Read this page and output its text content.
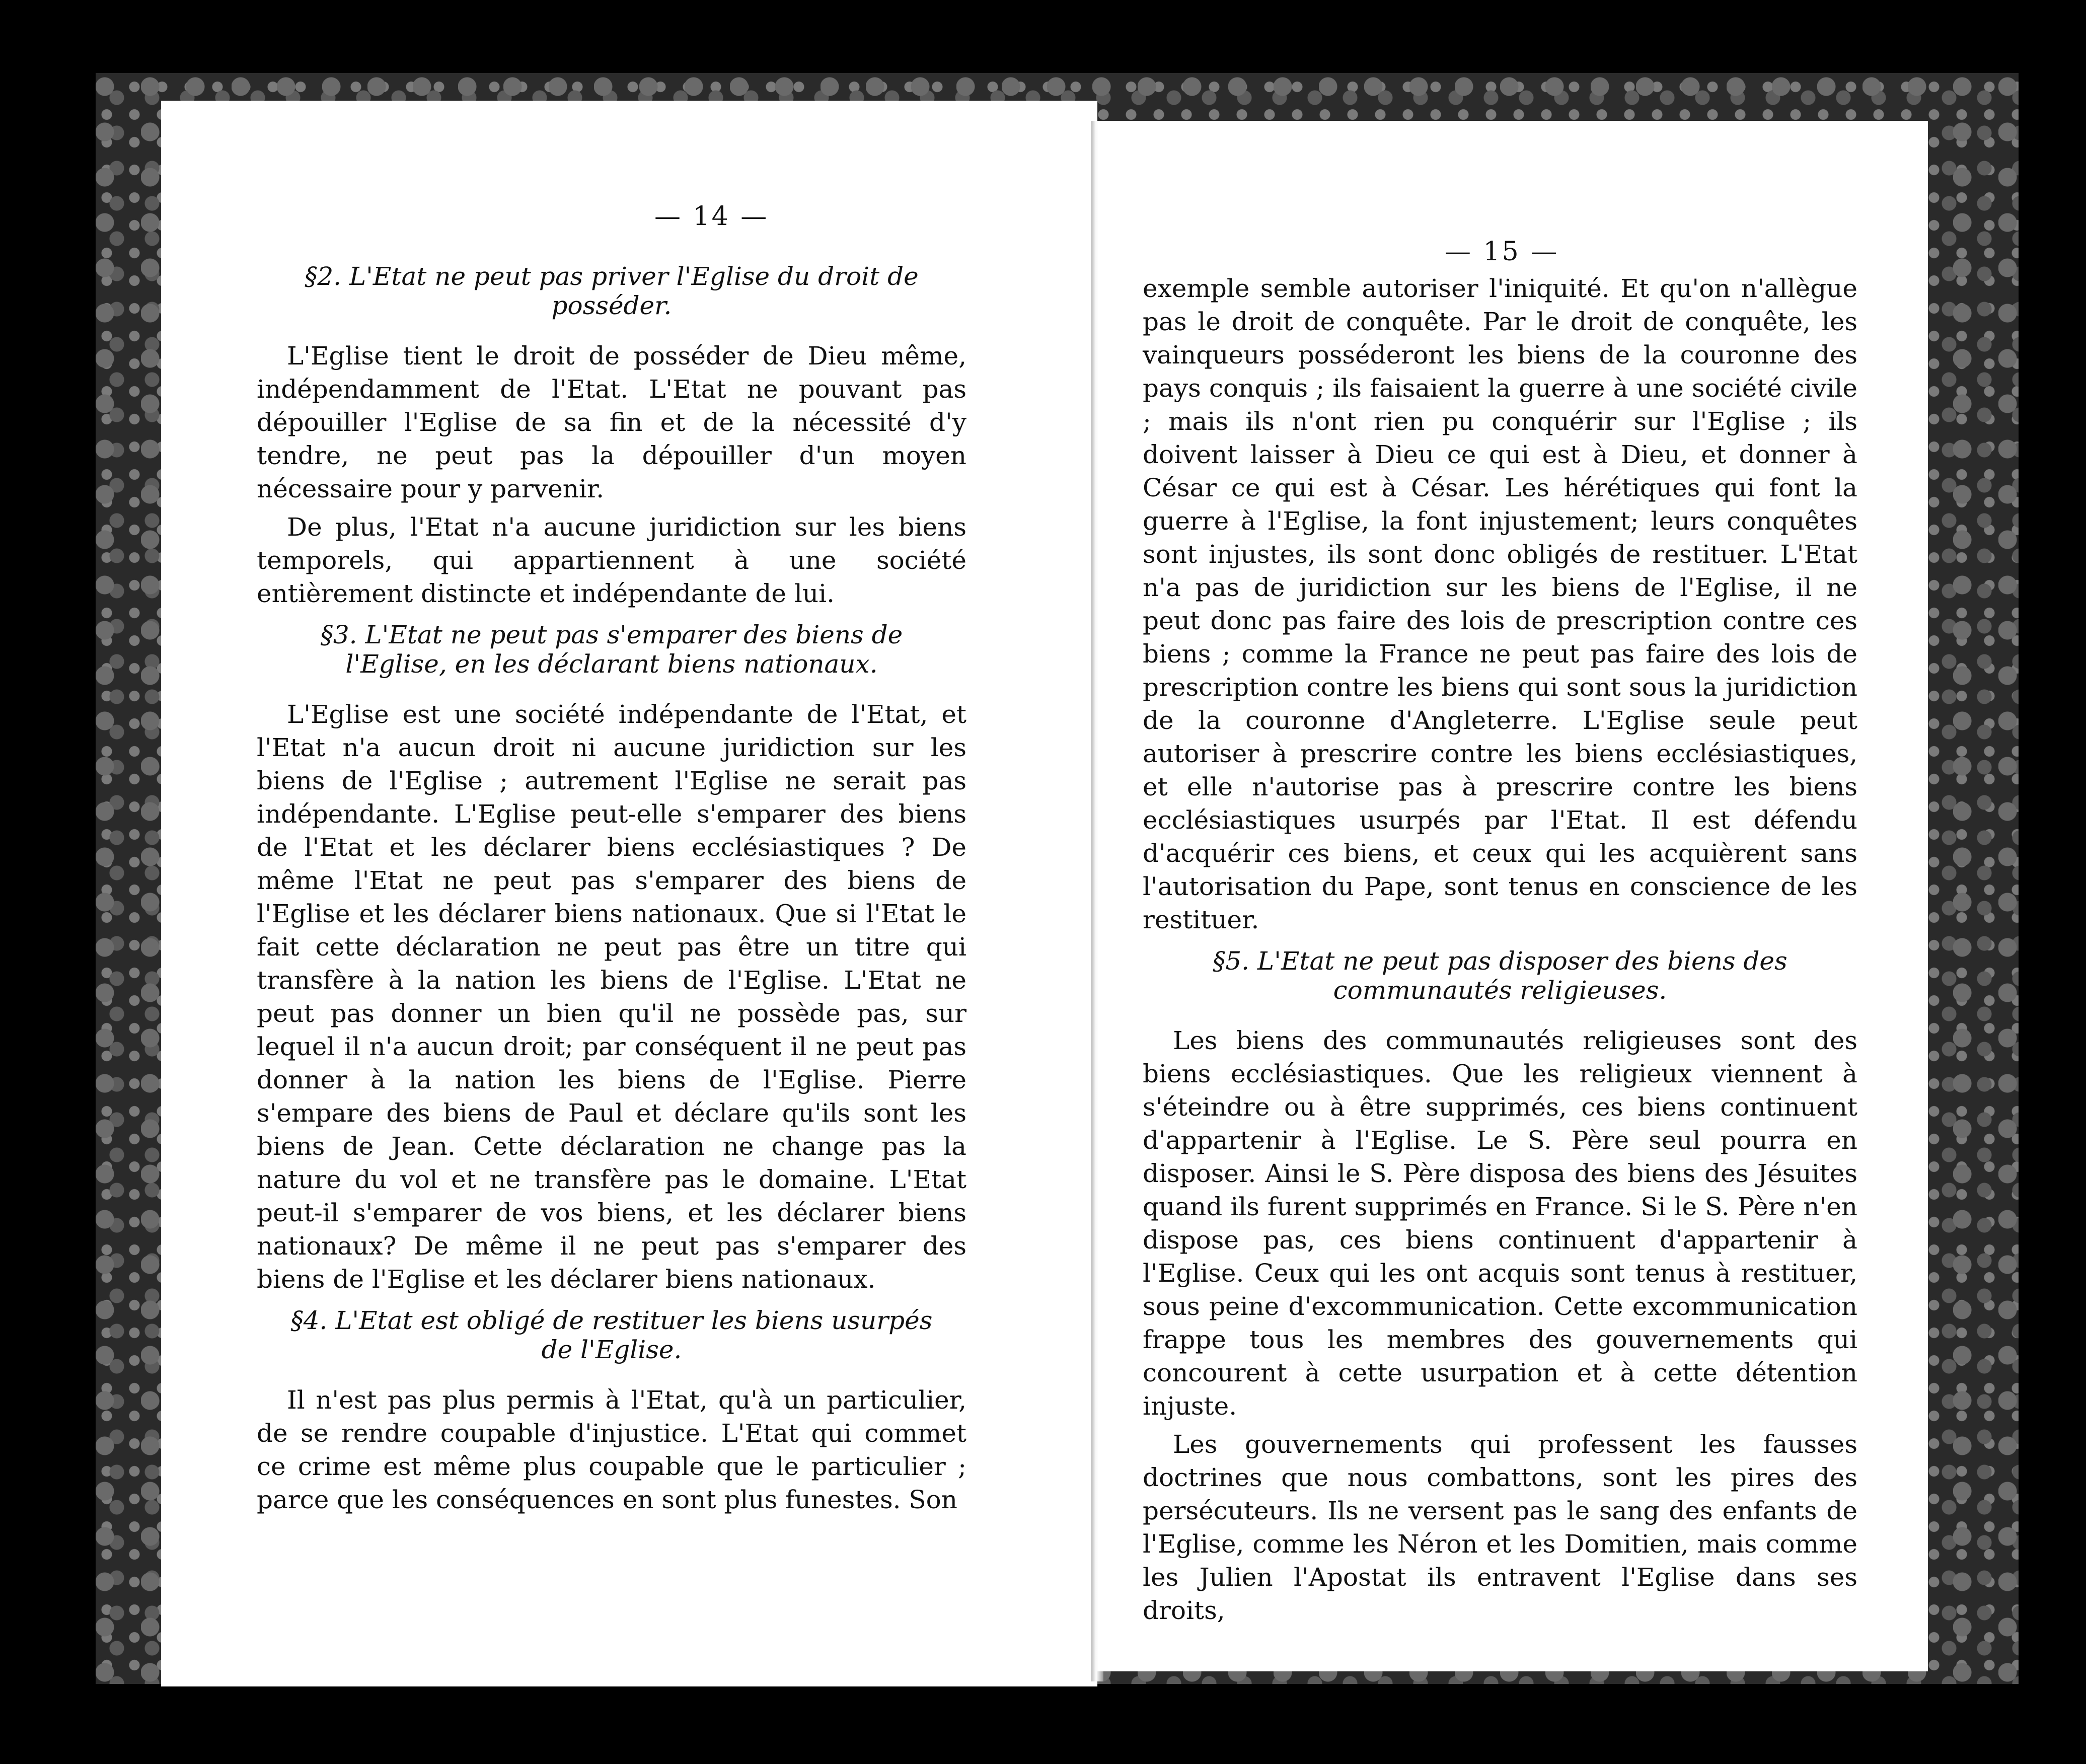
— 14 —
§2. L'Etat ne peut pas priver l'Eglise du droit de posséder.

L'Eglise tient le droit de posséder de Dieu même, indépendamment de l'Etat. L'Etat ne pouvant pas dépouiller l'Eglise de sa fin et de la nécessité d'y tendre, ne peut pas la dépouiller d'un moyen nécessaire pour y parvenir.

De plus, l'Etat n'a aucune juridiction sur les biens temporels, qui appartiennent à une société entièrement distincte et indépendante de lui.

§3. L'Etat ne peut pas s'emparer des biens de l'Eglise, en les déclarant biens nationaux.

L'Eglise est une société indépendante de l'Etat, et l'Etat n'a aucun droit ni aucune juridiction sur les biens de l'Eglise ; autrement l'Eglise ne serait pas indépendante. L'Eglise peut-elle s'emparer des biens de l'Etat et les déclarer biens ecclésiastiques ? De même l'Etat ne peut pas s'emparer des biens de l'Eglise et les déclarer biens nationaux. Que si l'Etat le fait cette déclaration ne peut pas être un titre qui transfère à la nation les biens de l'Eglise. L'Etat ne peut pas donner un bien qu'il ne possède pas, sur lequel il n'a aucun droit; par conséquent il ne peut pas donner à la nation les biens de l'Eglise. Pierre s'empare des biens de Paul et déclare qu'ils sont les biens de Jean. Cette déclaration ne change pas la nature du vol et ne transfère pas le domaine. L'Etat peut-il s'emparer de vos biens, et les déclarer biens nationaux? De même il ne peut pas s'emparer des biens de l'Eglise et les déclarer biens nationaux.

§4. L'Etat est obligé de restituer les biens usurpés de l'Eglise.

Il n'est pas plus permis à l'Etat, qu'à un particulier, de se rendre coupable d'injustice. L'Etat qui commet ce crime est même plus coupable que le particulier ; parce que les conséquences en sont plus funestes. Son

— 15 —

exemple semble autoriser l'iniquité. Et qu'on n'allègue pas le droit de conquête. Par le droit de conquête, les vainqueurs posséderont les biens de la couronne des pays conquis ; ils faisaient la guerre à une société civile ; mais ils n'ont rien pu conquérir sur l'Eglise ; ils doivent laisser à Dieu ce qui est à Dieu, et donner à César ce qui est à César. Les hérétiques qui font la guerre à l'Eglise, la font injustement; leurs conquêtes sont injustes, ils sont donc obligés de restituer. L'Etat n'a pas de juridiction sur les biens de l'Eglise, il ne peut donc pas faire des lois de prescription contre ces biens ; comme la France ne peut pas faire des lois de prescription contre les biens qui sont sous la juridiction de la couronne d'Angleterre. L'Eglise seule peut autoriser à prescrire contre les biens ecclésiastiques, et elle n'autorise pas à prescrire contre les biens ecclésiastiques usurpés par l'Etat. Il est défendu d'acquérir ces biens, et ceux qui les acquièrent sans l'autorisation du Pape, sont tenus en conscience de les restituer.

§5. L'Etat ne peut pas disposer des biens des communautés religieuses.

Les biens des communautés religieuses sont des biens ecclésiastiques. Que les religieux viennent à s'éteindre ou à être supprimés, ces biens continuent d'appartenir à l'Eglise. Le S. Père seul pourra en disposer. Ainsi le S. Père disposa des biens des Jésuites quand ils furent supprimés en France. Si le S. Père n'en dispose pas, ces biens continuent d'appartenir à l'Eglise. Ceux qui les ont acquis sont tenus à restituer, sous peine d'excommunication. Cette excommunication frappe tous les membres des gouvernements qui concourent à cette usurpation et à cette détention injuste.

Les gouvernements qui professent les fausses doctrines que nous combattons, sont les pires des persécuteurs. Ils ne versent pas le sang des enfants de l'Eglise, comme les Néron et les Domitien, mais comme les Julien l'Apostat ils entravent l'Eglise dans ses droits,
